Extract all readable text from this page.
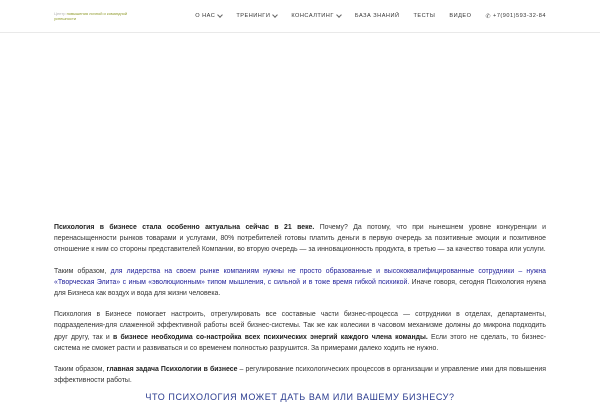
Центр повышения личной и командной
успешности	О НАС	ТРЕНИНГИ	КОНСАЛТИНГ	БАЗА ЗНАНИЙ	ТЕСТЫ	ВИДЕО ✆ +7(901)593-32-84

Психология в бизнесе стала особенно актуальна сейчас в 21 веке. Почему? Да потому, что при нынешнем уровне конкуренции и перенасыщенности рынков товарами и услугами, 80% потребителей готовы платить деньги в первую очередь за позитивные эмоции и позитивное отношение к ним со стороны представителей Компании, во вторую очередь — за инновационность продукта, в третью — за качество товара или услуги.

Таким образом, для лидерства на своем рынке компаниям нужны не просто образованные и высококвалифицированные сотрудники – нужна «Творческая Элита» с иным «эволюционным» типом мышления, с сильной и в тоже время гибкой психикой. Иначе говоря, сегодня Психология нужна для Бизнеса как воздух и вода для жизни человека.

Психология в Бизнесе помогает настроить, отрегулировать все составные части бизнес-процесса — сотрудники в отделах, департаменты, подразделения-для слаженной эффективной работы всей бизнес-системы. Так же как колесики в часовом механизме должны до микрона подходить друг другу, так и в бизнесе необходима со-настройка всех психических энергий каждого члена команды. Если этого не сделать, то бизнес-система не сможет расти и развиваться и со временем полностью разрушится. За примерами далеко ходить не нужно.

Таким образом, главная задача Психологии в бизнесе – регулирование психологических процессов в организации и управление ими для повышения эффективности работы.

ЧТО ПСИХОЛОГИЯ МОЖЕТ ДАТЬ ВАМ ИЛИ ВАШЕМУ БИЗНЕСУ?
